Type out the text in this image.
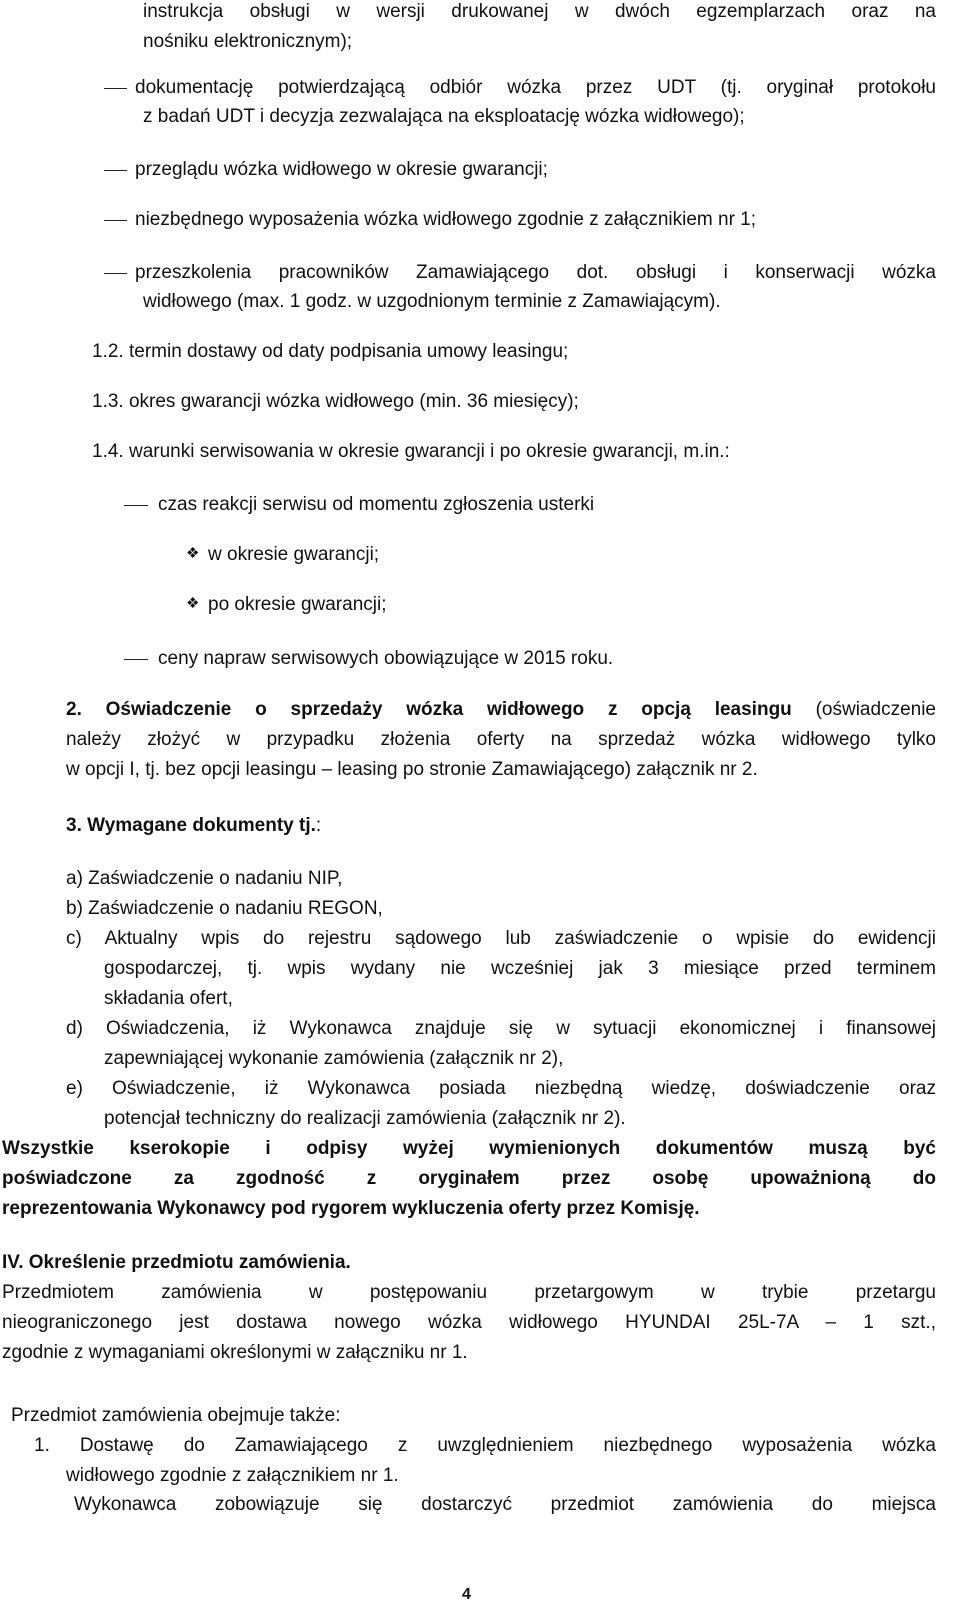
instrukcja obsługi w wersji drukowanej w dwóch egzemplarzach oraz na
nośniku elektronicznym);
dokumentację potwierdzającą odbiór wózka przez UDT (tj. oryginał protokołu
z badań UDT i decyzja zezwalająca na eksploatację wózka widłowego);
przeglądu wózka widłowego w okresie gwarancji;
niezbędnego wyposażenia wózka widłowego zgodnie z załącznikiem nr 1;
przeszkolenia pracowników Zamawiającego dot. obsługi i konserwacji wózka
widłowego (max. 1 godz. w uzgodnionym terminie z Zamawiającym).
1.2. termin dostawy od daty podpisania umowy leasingu;
1.3. okres gwarancji wózka widłowego (min. 36 miesięcy);
1.4. warunki serwisowania w okresie gwarancji i po okresie gwarancji, m.in.:
czas reakcji serwisu od momentu zgłoszenia usterki
❖ w okresie gwarancji;
❖ po okresie gwarancji;
ceny napraw serwisowych obowiązujące w 2015 roku.
2. Oświadczenie o sprzedaży wózka widłowego z opcją leasingu (oświadczenie
należy złożyć w przypadku złożenia oferty na sprzedaż wózka widłowego tylko
w opcji I, tj. bez opcji leasingu – leasing po stronie Zamawiającego) załącznik nr 2.
3. Wymagane dokumenty tj.:
a) Zaświadczenie o nadaniu NIP,
b) Zaświadczenie o nadaniu REGON,
c) Aktualny wpis do rejestru sądowego lub zaświadczenie o wpisie do ewidencji
gospodarczej, tj. wpis wydany nie wcześniej jak 3 miesiące przed terminem
składania ofert,
d) Oświadczenia, iż Wykonawca znajduje się w sytuacji ekonomicznej i finansowej
zapewniającej wykonanie zamówienia (załącznik nr 2),
e) Oświadczenie, iż Wykonawca posiada niezbędną wiedzę, doświadczenie oraz
potencjał techniczny do realizacji zamówienia (załącznik nr 2).
Wszystkie kserokopie i odpisy wyżej wymienionych dokumentów muszą być
poświadczone za zgodność z oryginałem przez osobę upoważnioną do
reprezentowania Wykonawcy pod rygorem wykluczenia oferty przez Komisję.
IV. Określenie przedmiotu zamówienia.
Przedmiotem zamówienia w postępowaniu przetargowym w trybie przetargu
nieograniczonego jest dostawa nowego wózka widłowego HYUNDAI 25L-7A – 1 szt.,
zgodnie z wymaganiami określonymi w załączniku nr 1.
Przedmiot zamówienia obejmuje także:
1. Dostawę do Zamawiającego z uwzględnieniem niezbędnego wyposażenia wózka
widłowego zgodnie z załącznikiem nr 1.
Wykonawca zobowiązuje się dostarczyć przedmiot zamówienia do miejsca
4
